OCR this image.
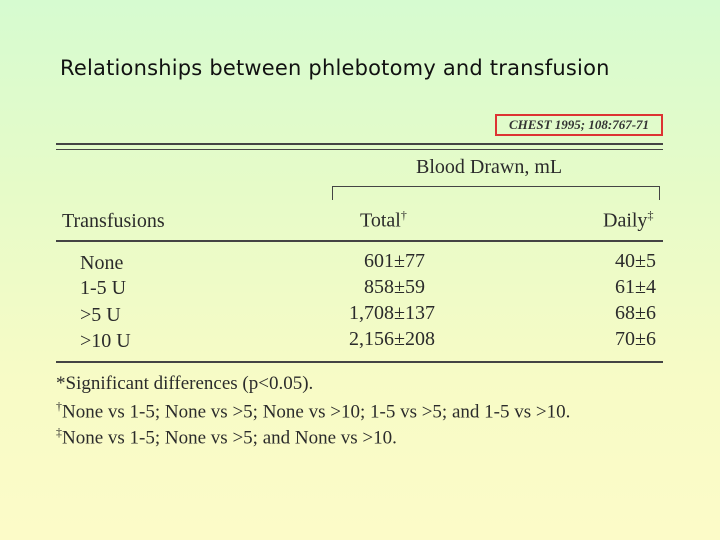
Relationships between phlebotomy and transfusion
CHEST 1995; 108:767-71
Blood Drawn, mL
Transfusions	Total†	Daily‡
None	601±77	40±5
1-5 U	858±59	61±4
>5 U	1,708±137	68±6
>10 U	2,156±208	70±6
*Significant differences (p<0.05).
†None vs 1-5; None vs >5; None vs >10; 1-5 vs >5; and 1-5 vs >10.
‡None vs 1-5; None vs >5; and None vs >10.
